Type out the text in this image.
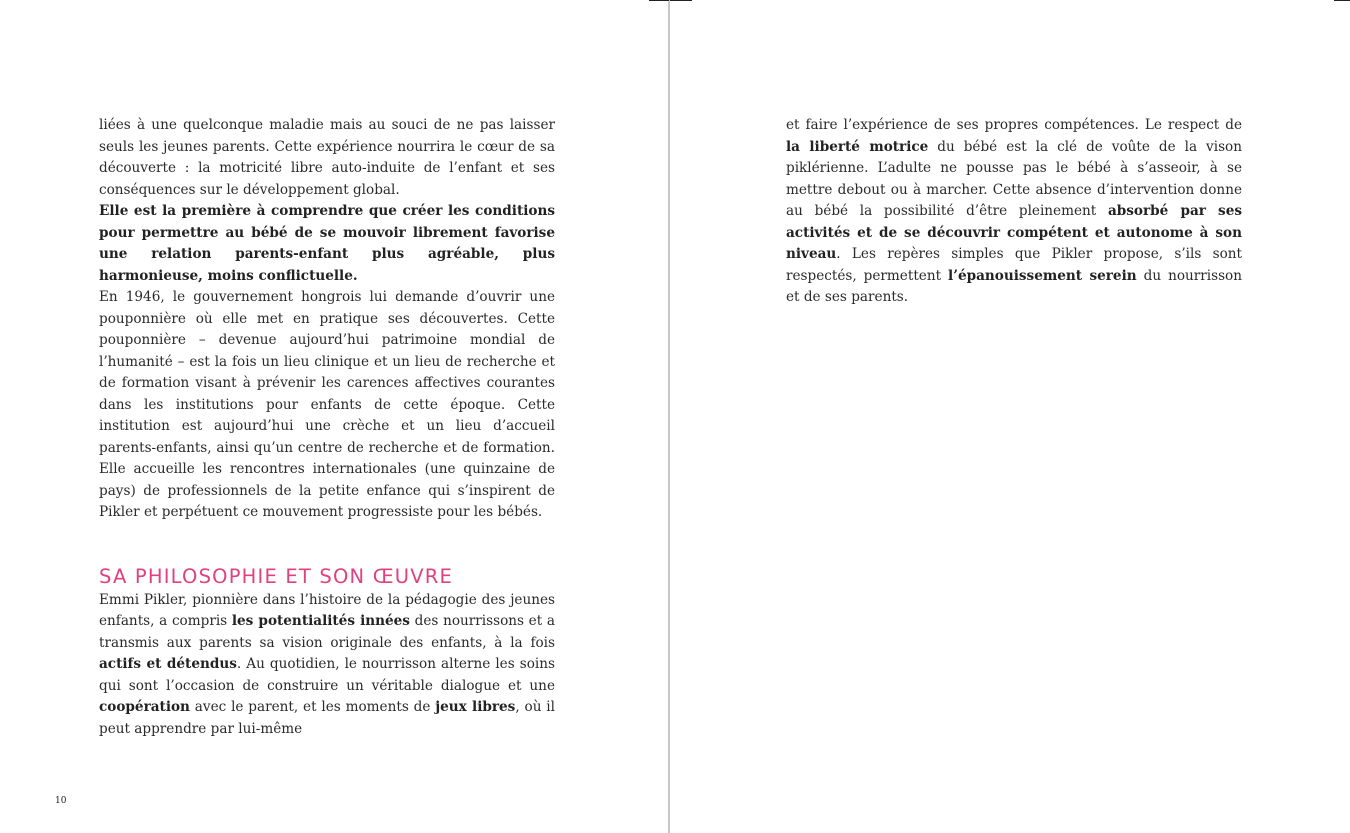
liées à une quelconque maladie mais au souci de ne pas laisser seuls les jeunes parents. Cette expérience nourrira le cœur de sa découverte : la motricité libre auto-induite de l’enfant et ses conséquences sur le développement global.

Elle est la première à comprendre que créer les conditions pour permettre au bébé de se mouvoir librement favorise une relation parents-enfant plus agréable, plus harmonieuse, moins conflictuelle.

En 1946, le gouvernement hongrois lui demande d’ouvrir une pouponnière où elle met en pratique ses découvertes. Cette pouponnière – devenue aujourd’hui patrimoine mondial de l’humanité – est la fois un lieu clinique et un lieu de recherche et de formation visant à prévenir les carences affectives courantes dans les institutions pour enfants de cette époque. Cette institution est aujourd’hui une crèche et un lieu d’accueil parents-enfants, ainsi qu’un centre de recherche et de formation. Elle accueille les rencontres internationales (une quinzaine de pays) de professionnels de la petite enfance qui s’inspirent de Pikler et perpétuent ce mouvement progressiste pour les bébés.

SA PHILOSOPHIE ET SON ŒUVRE

Emmi Pikler, pionnière dans l’histoire de la pédagogie des jeunes enfants, a compris les potentialités innées des nourrissons et a transmis aux parents sa vision originale des enfants, à la fois actifs et détendus. Au quotidien, le nourrisson alterne les soins qui sont l’occasion de construire un véritable dialogue et une coopération avec le parent, et les moments de jeux libres, où il peut apprendre par lui-même

et faire l’expérience de ses propres compétences. Le respect de la liberté motrice du bébé est la clé de voûte de la vison piklérienne. L’adulte ne pousse pas le bébé à s’asseoir, à se mettre debout ou à marcher. Cette absence d’intervention donne au bébé la possibilité d’être pleinement absorbé par ses activités et de se découvrir compétent et autonome à son niveau. Les repères simples que Pikler propose, s’ils sont respectés, permettent l’épanouissement serein du nourrisson et de ses parents.

10
